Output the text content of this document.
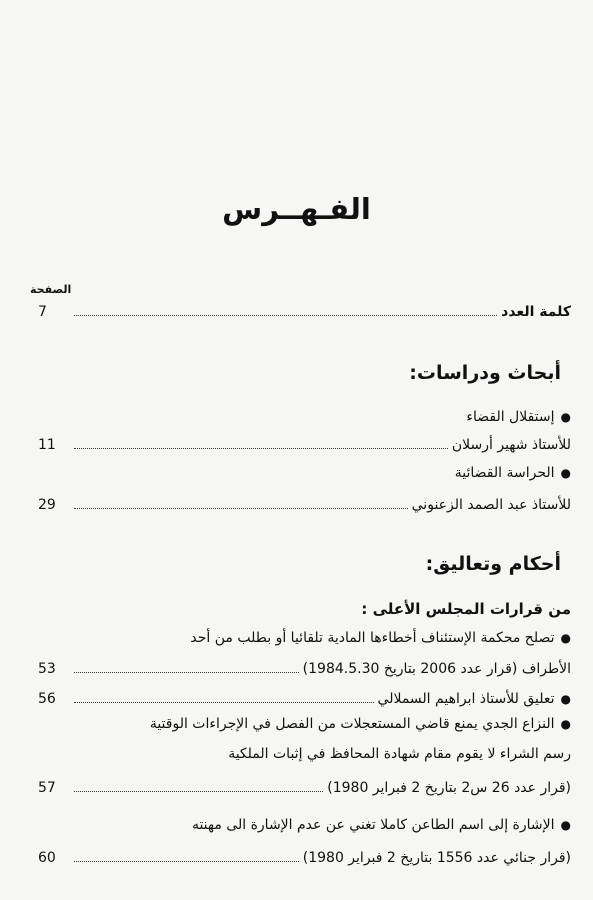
الفـهــرس
الصفحة
كلمة العدد
7
أبحاث ودراسات:
●إستقلال القضاء
للأستاذ شهير أرسلان
11
●الحراسة القضائية
للأستاذ عبد الصمد الزعنوني
29
أحكام وتعاليق:
من قرارات المجلس الأعلى :
●تصلح محكمة الإستئناف أخطاءها المادية تلقائيا أو بطلب من أحد
الأطراف (قرار عدد 2006 بتاريخ 1984.5.30)
53
●تعليق للأستاذ ابراهيم السملالي
56
●النزاع الجدي يمنع قاضي المستعجلات من الفصل في الإجراءات الوقتية
رسم الشراء لا يقوم مقام شهادة المحافظ في إثبات الملكية
(قرار عدد 26 س2 بتاريخ 2 فبراير 1980)
57
●الإشارة إلى اسم الطاعن كاملا تغني عن عدم الإشارة الى مهنته
(قرار جنائي عدد 1556 بتاريخ 2 فبراير 1980)
60
